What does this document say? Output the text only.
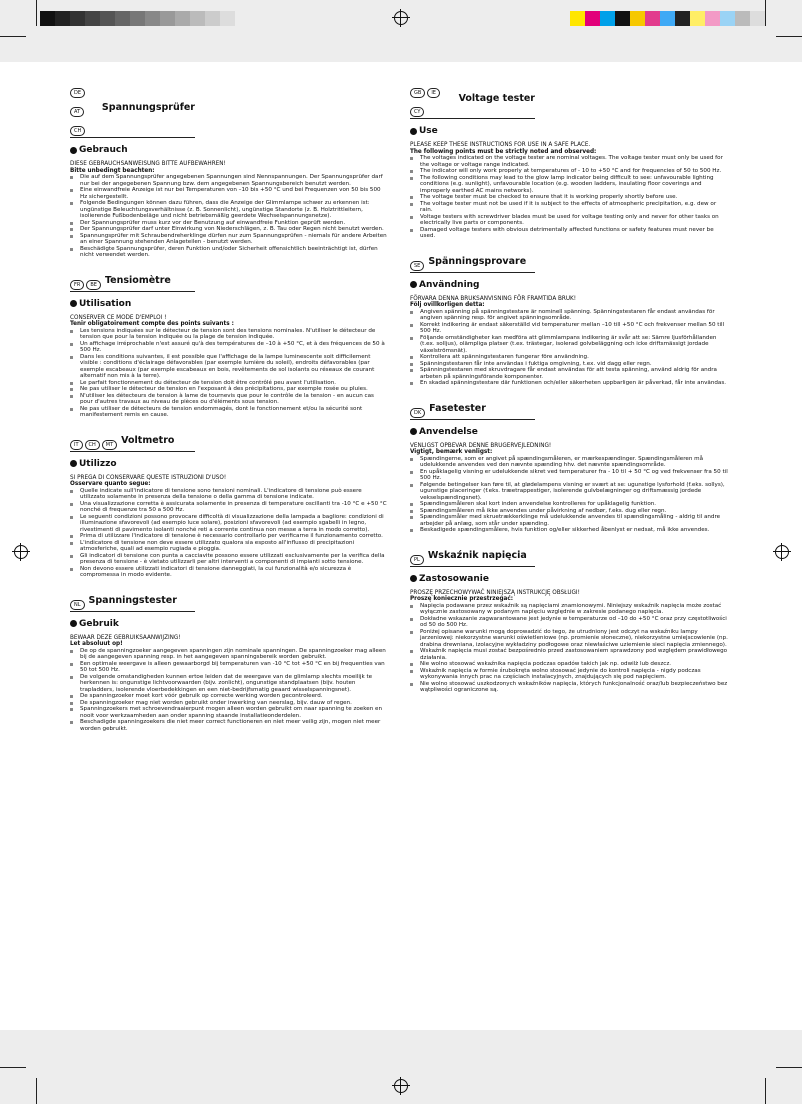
DEATCH
Spannungsprüfer
Gebrauch
DIESE GEBRAUCHSANWEISUNG BITTE AUFBEWAHREN!
Bitte unbedingt beachten:
Die auf dem Spannungsprüfer angegebenen Spannungen sind Nennspannungen. Der Spannungsprüfer darf nur bei der angegebenen Spannung bzw. dem angegebenen Spannungsbereich benutzt werden.
Eine einwandfreie Anzeige ist nur bei Temperaturen von –10 bis +50 °C und bei Frequenzen von 50 bis 500 Hz sichergestellt.
Folgende Bedingungen können dazu führen, dass die Anzeige der Glimmlampe schwer zu erkennen ist: ungünstige Beleuchtungsverhältnisse (z. B. Sonnenlicht), ungünstige Standorte (z. B. Holztrittleitern, isolierende Fußbodenbeläge und nicht betriebsmäßig geerdete Wechselspannungsnetze).
Der Spannungsprüfer muss kurz vor der Benutzung auf einwandfreie Funktion geprüft werden.
Der Spannungsprüfer darf unter Einwirkung von Niederschlägen, z. B. Tau oder Regen nicht benutzt werden.
Spannungsprüfer mit Schraubendreherklinge dürfen nur zum Spannungsprüfen - niemals für andere Arbeiten an einer Spannung stehenden Anlageteilen - benutzt werden.
Beschädigte Spannungsprüfer, deren Funktion und/oder Sicherheit offensichtlich beeinträchtigt ist, dürfen nicht verwendet werden.
FR BE Tensiomètre
Utilisation
CONSERVER CE MODE D'EMPLOI !
Tenir obligatoirement compte des points suivants :
Les tensions indiquées sur le détecteur de tension sont des tensions nominales. N'utiliser le détecteur de tension que pour la tension indiquée ou la plage de tension indiquée.
Un affichage irréprochable n'est assuré qu'à des températures de –10 à +50 °C, et à des fréquences de 50 à 500 Hz.
Dans les conditions suivantes, il est possible que l'affichage de la lampe luminescente soit difficilement visible : conditions d'éclairage défavorables (par exemple lumière du soleil), endroits défavorables (par exemple escabeaux (par exemple escabeaux en bois, revêtements de sol isolants ou réseaux de courant alternatif non mis à la terre).
Le parfait fonctionnement du détecteur de tension doit être contrôlé peu avant l'utilisation.
Ne pas utiliser le détecteur de tension en l'exposant à des précipitations, par exemple rosée ou pluies.
N'utiliser les détecteurs de tension à lame de tournevis que pour le contrôle de la tension - en aucun cas pour d'autres travaux au niveau de pièces ou d'éléments sous tension.
Ne pas utiliser de détecteurs de tension endommagés, dont le fonctionnement et/ou la sécurité sont manifestement remis en cause.
IT CH MT Voltmetro
Utilizzo
SI PREGA DI CONSERVARE QUESTE ISTRUZIONI D'USO!
Osservare quanto segue:
Quelle indicate sull'indicatore di tensione sono tensioni nominali. L'indicatore di tensione può essere utilizzato solamente in presenza della tensione o della gamma di tensione indicate.
Una visualizzazione corretta è assicurata solamente in presenza di temperature oscillanti tra -10 °C e +50 °C nonché di frequenze tra 50 a 500 Hz.
Le seguenti condizioni possono provocare difficoltà di visualizzazione della lampada a bagliore: condizioni di illuminazione sfavorevoli (ad esempio luce solare), posizioni sfavorevoli (ad esempio sgabelli in legno, rivestimenti di pavimento isolanti nonché reti a corrente continua non messe a terra in modo corretto).
Prima di utilizzare l'indicatore di tensione è necessario controllarlo per verificarne il funzionamento corretto.
L'indicatore di tensione non deve essere utilizzato qualora sia esposto all'influsso di precipitazioni atmosferiche, quali ad esempio rugiada e pioggia.
Gli indicatori di tensione con punta a cacciavite possono essere utilizzati esclusivamente per la verifica della presenza di tensione - è vietato utilizzarli per altri interventi a componenti di impianti sotto tensione.
Non devono essere utilizzati indicatori di tensione danneggiati, la cui funzionalità e/o sicurezza è compromessa in modo evidente.
NL Spanningstester
Gebruik
BEWAAR DEZE GEBRUIKSAANWIJZING!
Let absoluut op!
De op de spanningzoeker aangegeven spanningen zijn nominale spanningen. De spanningzoeker mag alleen bij de aangegeven spanning resp. in het aangegeven spanningsbereik worden gebruikt.
Een optimale weergave is alleen gewaarborgd bij temperaturen van -10 °C tot +50 °C en bij frequenties van 50 tot 500 Hz.
De volgende omstandigheden kunnen ertoe leiden dat de weergave van de glimlamp slechts moeilijk te herkennen is: ongunstige lichtvoorwaarden (bijv. zonlicht), ongunstige standplaatsen (bijv. houten trapladders, isolerende vloerbedekkingen en een niet-bedrijfsmatig geaard wisselspanningsnet).
De spanningzoeker moet kort vóór gebruik op correcte werking worden gecontroleerd.
De spanningzoeker mag niet worden gebruikt onder inwerking van neerslag, bijv. dauw of regen.
Spanningzoekers met schroevendraaierpunt mogen alleen worden gebruikt om naar spanning te zoeken en nooit voor werkzaamheden aan onder spanning staande installatieonderdelen.
Beschadigde spanningzoekers die niet meer correct functioneren en niet meer veilig zijn, mogen niet meer worden gebruikt.
GB IECY
Voltage tester
Use
PLEASE KEEP THESE INSTRUCTIONS FOR USE IN A SAFE PLACE.
The following points must be strictly noted and observed:
The voltages indicated on the voltage tester are nominal voltages. The voltage tester must only be used for the voltage or voltage range indicated.
The indicator will only work properly at temperatures of - 10 to +50 °C and for frequencies of 50 to 500 Hz.
The following conditions may lead to the glow lamp indicator being difficult to see: unfavourable lighting conditions (e.g. sunlight), unfavourable location (e.g. wooden ladders, insulating floor coverings and improperly earthed AC mains networks).
The voltage tester must be checked to ensure that it is working properly shortly before use.
The voltage tester must not be used if it is subject to the effects of atmospheric precipitation, e.g. dew or rain.
Voltage testers with screwdriver blades must be used for voltage testing only and never for other tasks on electrically live parts or components.
Damaged voltage testers with obvious detrimentally affected functions or safety features must never be used.
SE Spänningsprovare
Användning
FÖRVARA DENNA BRUKSANVISNING FÖR FRAMTIDA BRUK!
Följ ovillkorligen detta:
Angiven spänning på spänningstestare är nominell spänning. Spänningstestaren får endast användas för angiven spänning resp. för angivet spänningsområde.
Korrekt indikering är endast säkerställd vid temperaturer mellan –10 till +50 °C och frekvenser mellan 50 till 500 Hz.
Följande omständigheter kan medföra att glimmlampans indikering är svår att se: Sämre ljusförhållanden (t.ex. solljus), olämpliga platser (t.ex. trästegar, isolerad golvbeläggning och icke driftsmässigt jordade växelströmsnät).
Kontrollera att spänningstestaren fungerar före användning.
Spänningstestaren får inte användas i fuktiga omgivning, t.ex. vid dagg eller regn.
Spänningstestaren med skruvdragare får endast användas för att testa spänning, använd aldrig för andra arbeten på spänningsförande komponenter.
En skadad spänningstestare där funktionen och/eller säkerheten uppbarligen är påverkad, får inte användas.
DK Fasetester
Anvendelse
VENLIGST OPBEVAR DENNE BRUGERVEJLEDNING!
Vigtigt, bemærk venligst:
Spændingerne, som er angivet på spændingsmåleren, er mærkespændinger. Spændingsmåleren må udelukkende anvendes ved den nævnte spænding hhv. det nævnte spændingsområde.
En upåklagelig visning er udelukkende sikret ved temperaturer fra - 10 til + 50 °C og ved frekvenser fra 50 til 500 Hz.
Følgende betingelser kan føre til, at glødelampens visning er svært at se: ugunstige lysforhold (f.eks. sollys), ugunstige placeringer (f.eks. træetrappestiger, isolerende gulvbelægninger og driftsmæssig jordede vekselspændingsnet).
Spændingsmåleren skal kort inden anvendelse kontrolleres for upåklagelig funktion.
Spændingsmåleren må ikke anvendes under påvirkning af nedbør, f.eks. dug eller regn.
Spændingsmåler med skruetrækkerklinge må udelukkende anvendes til spændingsmåling - aldrig til andre arbejder på anlæg, som står under spænding.
Beskadigede spændingsmålere, hvis funktion og/eller sikkerhed åbenlyst er nedsat, må ikke anvendes.
PL Wskaźnik napięcia
Zastosowanie
PROSZĘ PRZECHOWYWAĆ NINIEJSZĄ INSTRUKCJĘ OBSŁUGI!
Proszę koniecznie przestrzegać:
Napięcia podawane przez wskaźnik są napięciami znamionowymi. Niniejszy wskaźnik napięcia może zostać wyłącznie zastosowany w podanym napięciu względnie w zakresie podanego napięcia.
Dokładne wskazanie zagwarantowane jest jedynie w temperaturze od –10 do +50 °C oraz przy częstotliwości od 50 do 500 Hz.
Poniżej opisane warunki mogą doprowadzić do tego, że utrudniony jest odczyt na wskaźniku lampy jarzeniowej: niekorzystne warunki oświetleniowe (np. promienie słoneczne), niekorzystne umiejscowienie (np. drabina drewniana, izolacyjne wykładziny podłogowe oraz niewłaściwe uziemienie sieci napięcia zmiennego).
Wskaźnik napięcia musi zostać bezpośrednio przed zastosowaniem sprawdzony pod względem prawidłowego działania.
Nie wolno stosować wskaźnika napięcia podczas opadów takich jak np. odwilż lub deszcz.
Wskaźnik napięcia w formie śrubokręta wolno stosować jedynie do kontroli napięcia - nigdy podczas wykonywania innych prac na częściach instalacyjnych, znajdujących się pod napięciem.
Nie wolno stosować uszkodzonych wskaźników napięcia, których funkcjonalność oraz/lub bezpieczeństwo bez wątpliwości ograniczone są.
